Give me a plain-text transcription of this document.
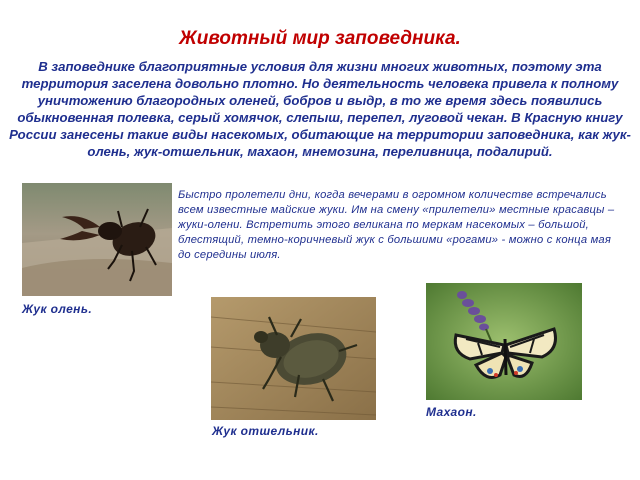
Животный мир заповедника.
В заповеднике благоприятные условия для жизни многих животных, поэтому эта территория заселена довольно плотно. Но деятельность человека привела к полному уничтожению благородных оленей, бобров и выдр, в то же время здесь появились обыкновенная полевка, серый хомячок, слепыш, перепел, луговой чекан. В Красную книгу России занесены такие виды насекомых, обитающие на территории заповедника, как жук-олень, жук-отшельник, махаон, мнемозина, переливница, подалирий.
Быстро пролетели дни, когда вечерами в огромном количестве встречались всем известные майские жуки. Им на смену «прилетели» местные красавцы – жуки-олени. Встретить этого великана по меркам насекомых – большой, блестящий, темно-коричневый жук с большими «рогами» - можно с конца мая до середины июля.
Жук олень.
Жук отшельник.
Махаон.
